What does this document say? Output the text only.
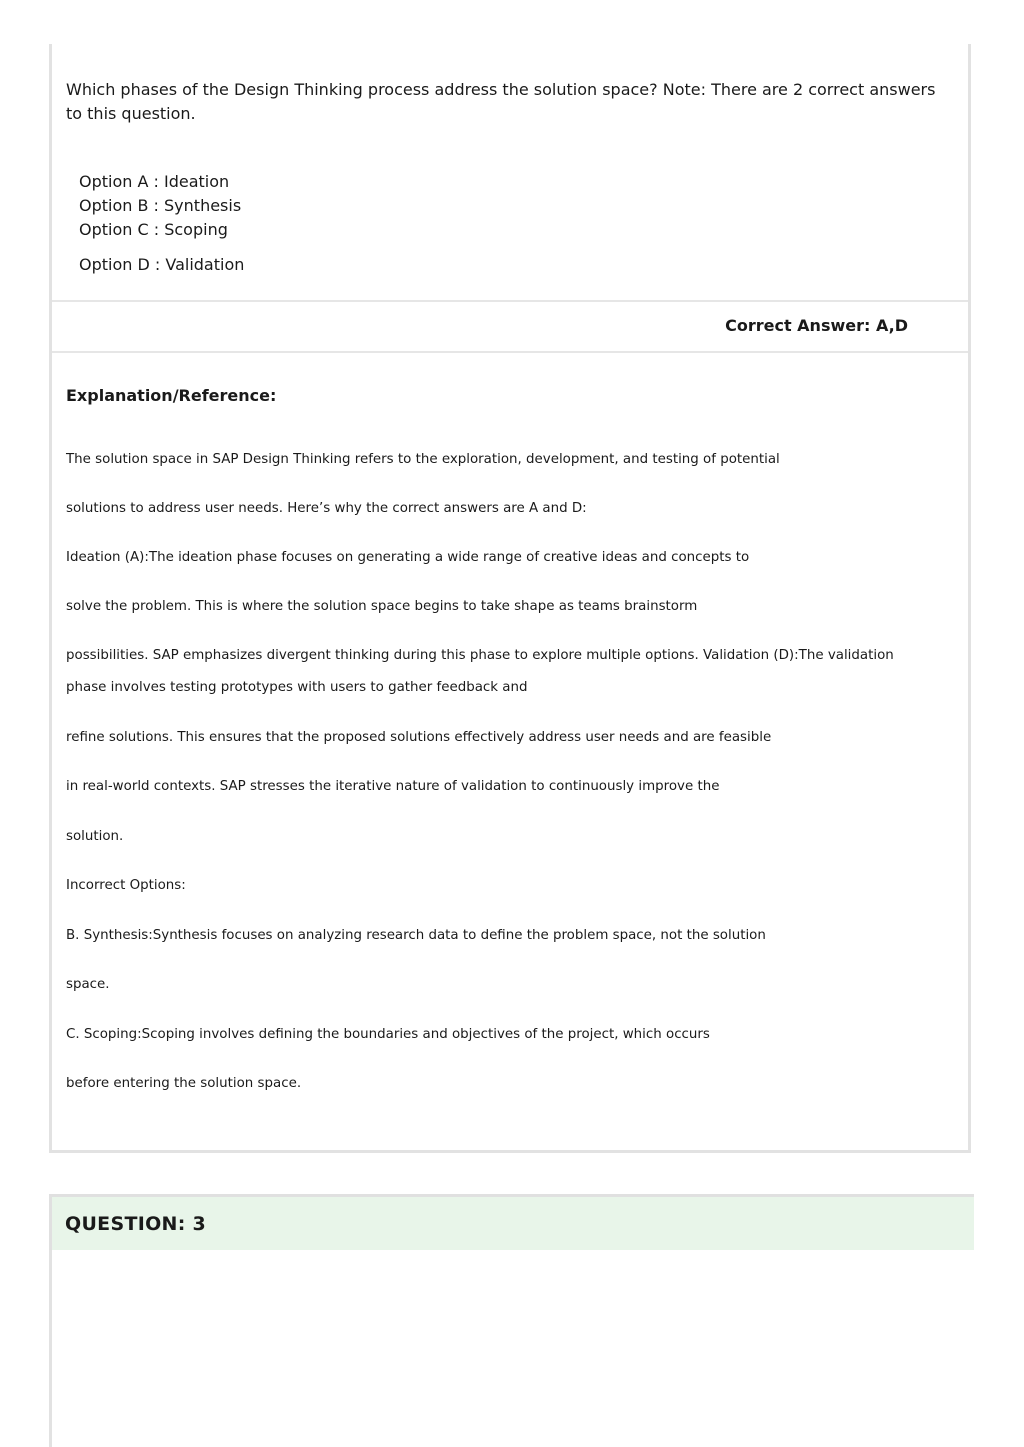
Which phases of the Design Thinking process address the solution space? Note: There are 2 correct answers to this question.
Option A : Ideation
Option B : Synthesis
Option C : Scoping
Option D : Validation
Correct Answer: A,D
Explanation/Reference:
The solution space in SAP Design Thinking refers to the exploration, development, and testing of potential
solutions to address user needs. Here’s why the correct answers are A and D:
Ideation (A):The ideation phase focuses on generating a wide range of creative ideas and concepts to
solve the problem. This is where the solution space begins to take shape as teams brainstorm
possibilities. SAP emphasizes divergent thinking during this phase to explore multiple options. Validation (D):The validation
phase involves testing prototypes with users to gather feedback and
refine solutions. This ensures that the proposed solutions effectively address user needs and are feasible
in real-world contexts. SAP stresses the iterative nature of validation to continuously improve the
solution.
Incorrect Options:
B. Synthesis:Synthesis focuses on analyzing research data to define the problem space, not the solution
space.
C. Scoping:Scoping involves defining the boundaries and objectives of the project, which occurs
before entering the solution space.
QUESTION: 3
